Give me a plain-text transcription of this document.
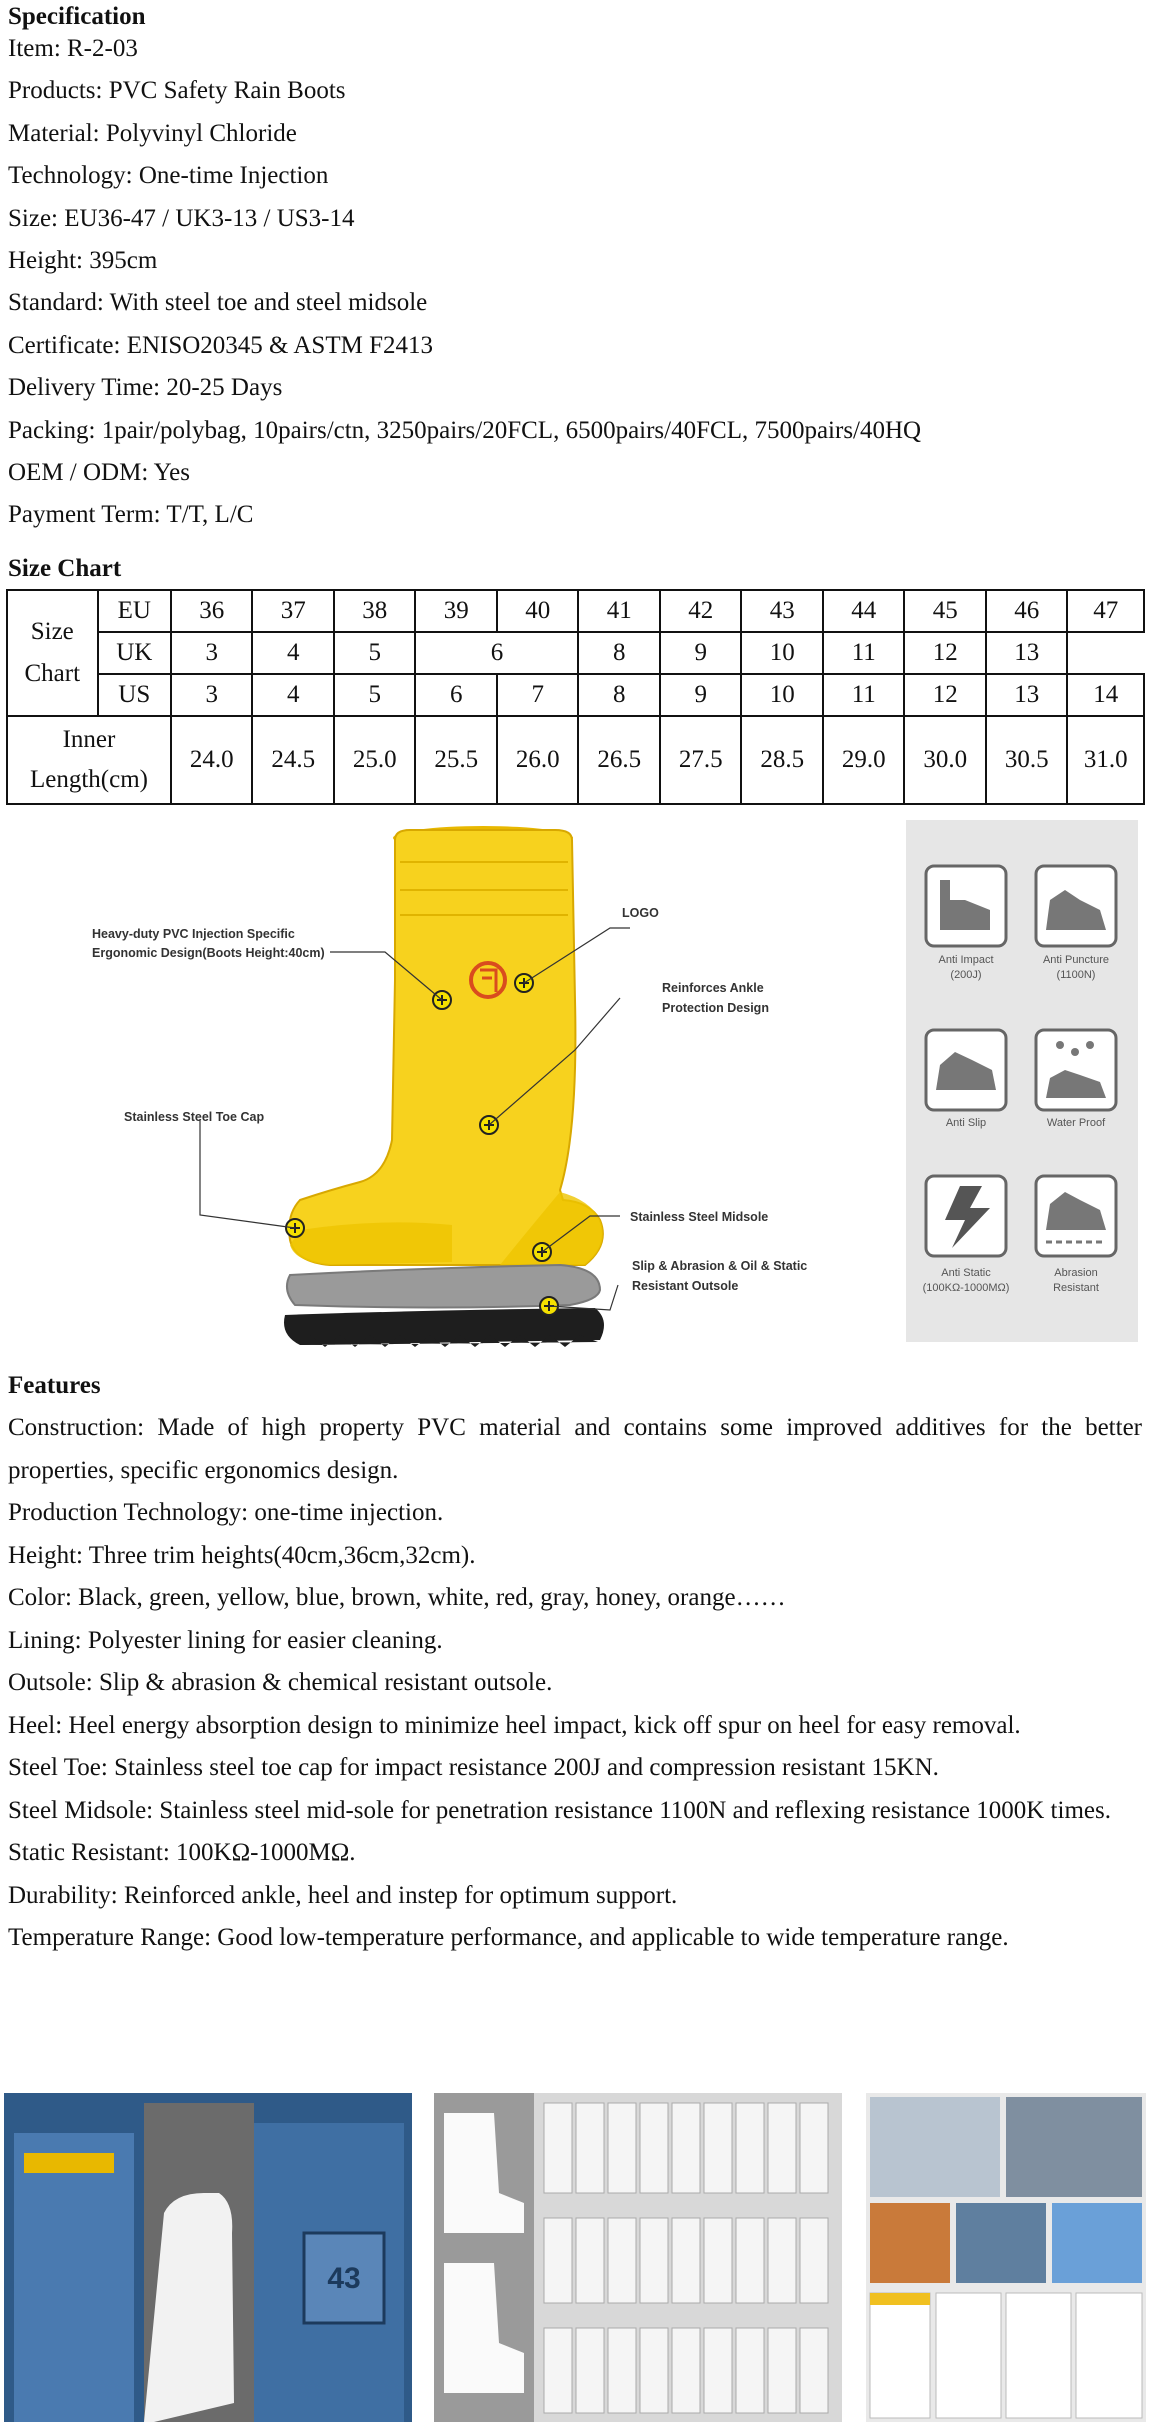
Specification
Item: R-2-03
Products: PVC Safety Rain Boots
Material: Polyvinyl Chloride
Technology: One-time Injection
Size: EU36-47 / UK3-13 / US3-14
Height: 395cm
Standard: With steel toe and steel midsole
Certificate: ENISO20345 & ASTM F2413
Delivery Time: 20-25 Days
Packing: 1pair/polybag, 10pairs/ctn, 3250pairs/20FCL, 6500pairs/40FCL, 7500pairs/40HQ
OEM / ODM: Yes
Payment Term: T/T, L/C
Size Chart
Size Chart	EU	36	37	38	39	40	41	42	43	44	45	46	47
	UK	3	4	5	6		8	9	10	11	12	13	
	US	3	4	5	6	7	8	9	10	11	12	13	14

Inner Length(cm)		24.0	24.5	25.0	25.5	26.0	26.5	27.5	28.5	29.0	30.0	30.5	31.0
Heavy-duty PVC Injection Specific
Ergonomic Design(Boots Height:40cm)
LOGO
Reinforces Ankle
Protection Design
Stainless Steel Toe Cap
Stainless Steel Midsole
Slip & Abrasion & Oil & Static
Resistant Outsole
Anti Impact
(200J)
Anti Puncture
(1100N)
Anti Slip	Water Proof
Anti Static
(100KΩ-1000MΩ)
Abrasion
Resistant
Features
Construction: Made of high property PVC material and contains some improved additives for the better properties, specific ergonomics design.
Production Technology: one-time injection.
Height: Three trim heights(40cm,36cm,32cm).
Color: Black, green, yellow, blue, brown, white, red, gray, honey, orange……
Lining: Polyester lining for easier cleaning.
Outsole: Slip & abrasion & chemical resistant outsole.
Heel: Heel energy absorption design to minimize heel impact, kick off spur on heel for easy removal.
Steel Toe: Stainless steel toe cap for impact resistance 200J and compression resistant 15KN.
Steel Midsole: Stainless steel mid-sole for penetration resistance 1100N and reflexing resistance 1000K times.
Static Resistant: 100KΩ-1000MΩ.
Durability: Reinforced ankle, heel and instep for optimum support.
Temperature Range: Good low-temperature performance, and applicable to wide temperature range.
43
